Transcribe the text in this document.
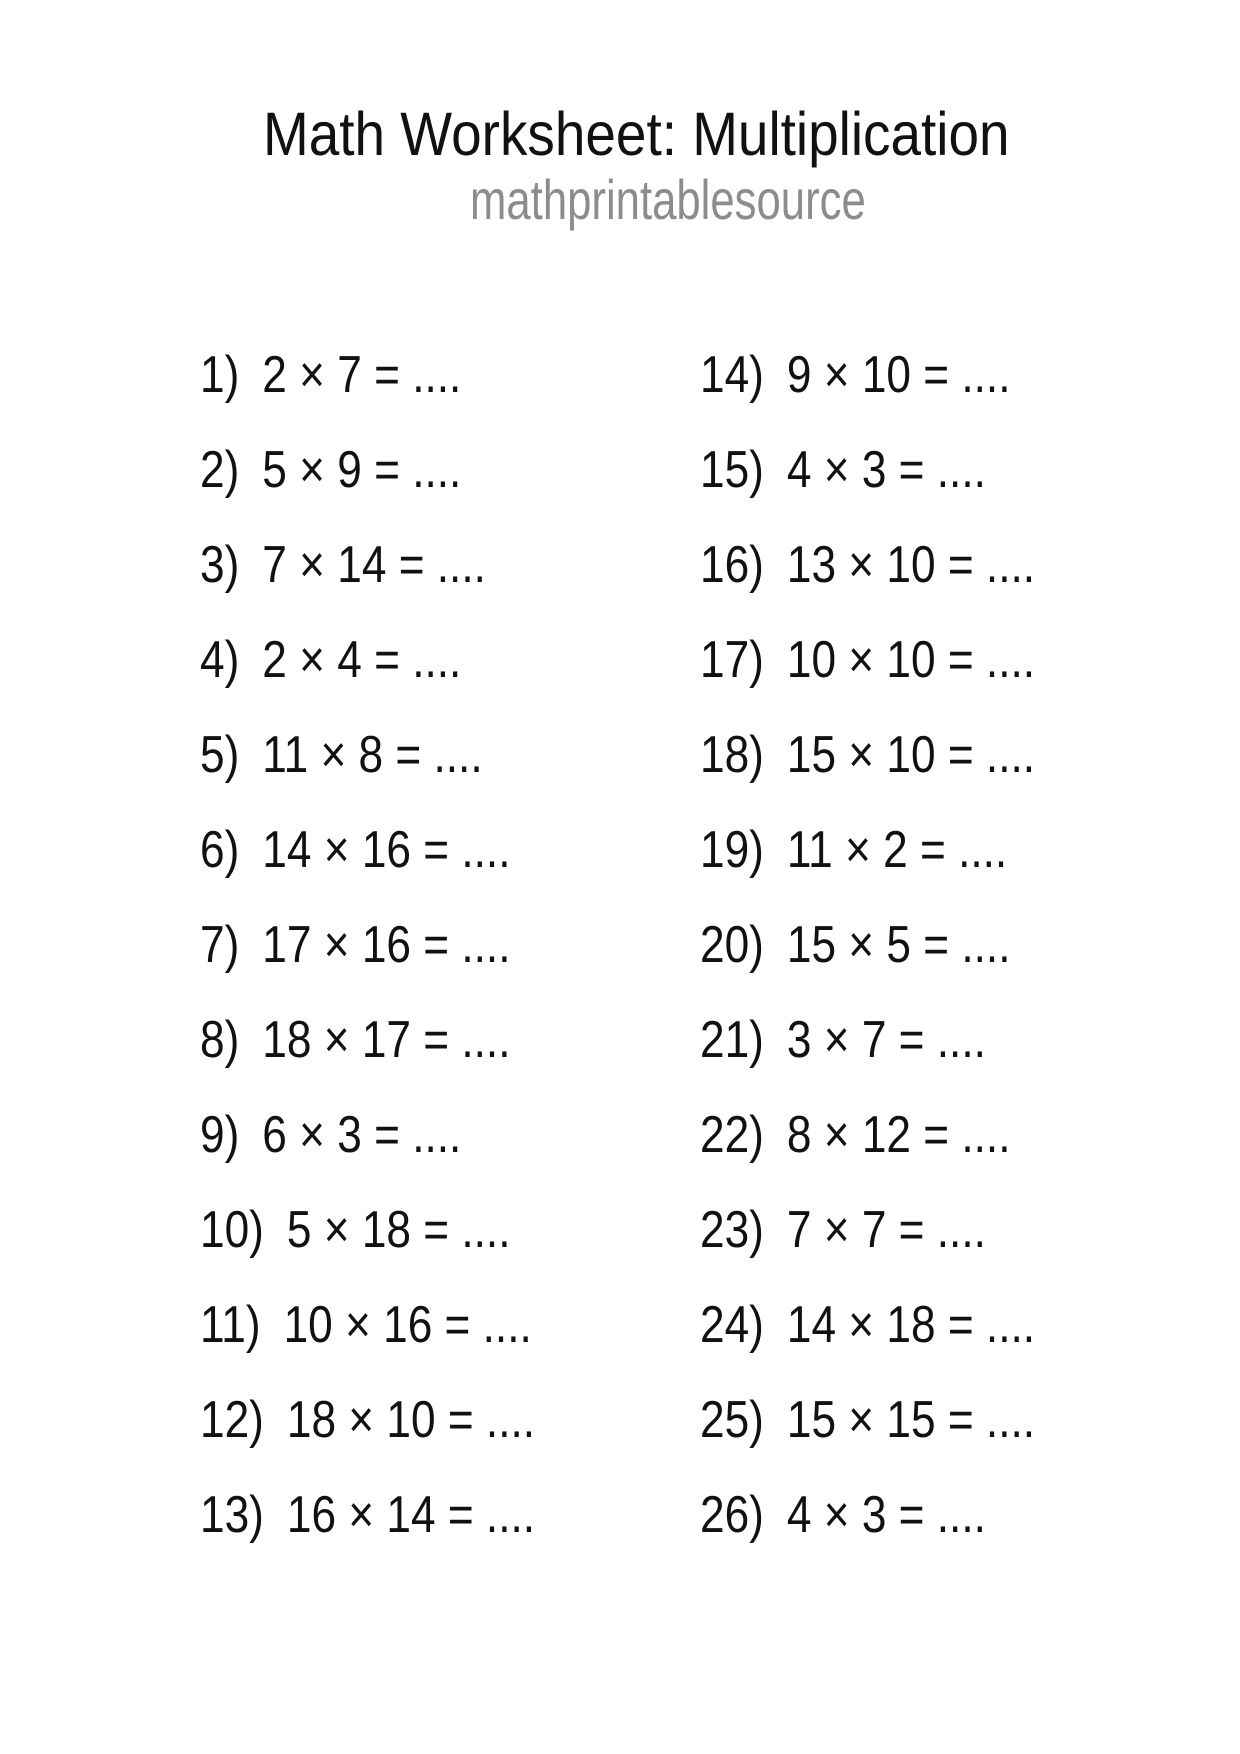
Math Worksheet: Multiplication
mathprintablesource
1) 2 × 7 = ....
2) 5 × 9 = ....
3) 7 × 14 = ....
4) 2 × 4 = ....
5) 11 × 8 = ....
6) 14 × 16 = ....
7) 17 × 16 = ....
8) 18 × 17 = ....
9) 6 × 3 = ....
10) 5 × 18 = ....
11) 10 × 16 = ....
12) 18 × 10 = ....
13) 16 × 14 = ....
14) 9 × 10 = ....
15) 4 × 3 = ....
16) 13 × 10 = ....
17) 10 × 10 = ....
18) 15 × 10 = ....
19) 11 × 2 = ....
20) 15 × 5 = ....
21) 3 × 7 = ....
22) 8 × 12 = ....
23) 7 × 7 = ....
24) 14 × 18 = ....
25) 15 × 15 = ....
26) 4 × 3 = ....
